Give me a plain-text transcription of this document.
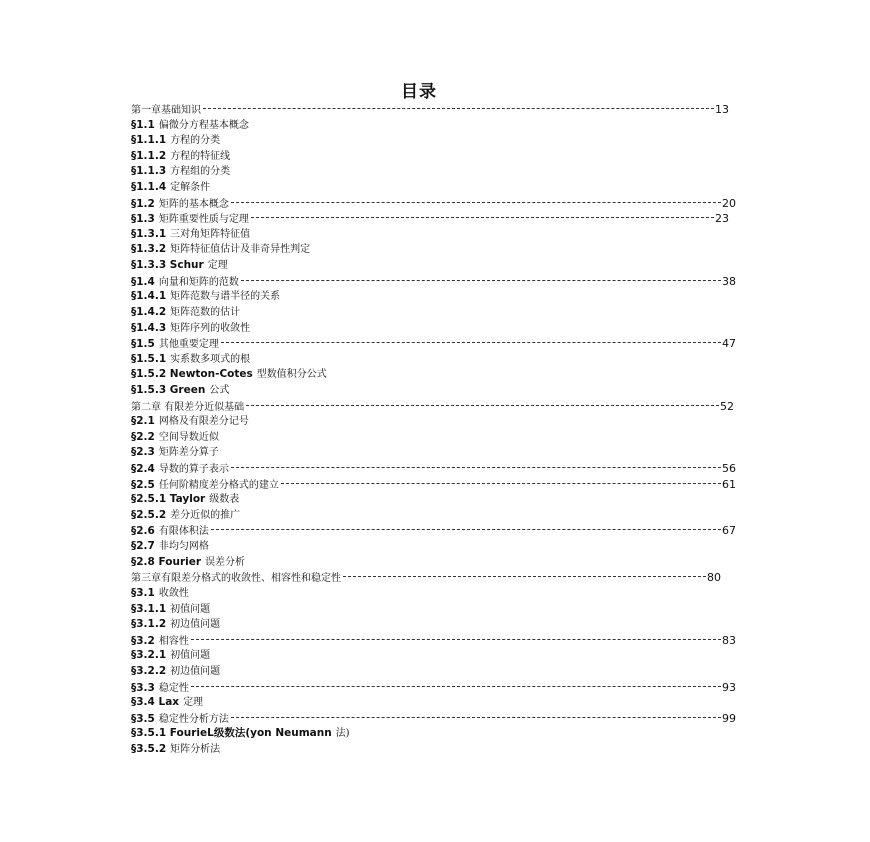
目录
第一章基础知识	13
§1.1 偏微分方程基本概念
§1.1.1 方程的分类
§1.1.2 方程的特征线
§1.1.3 方程组的分类
§1.1.4 定解条件
§1.2 矩阵的基本概念	20
§1.3 矩阵重要性质与定理	23
§1.3.1 三对角矩阵特征值
§1.3.2 矩阵特征值估计及非奇异性判定
§1.3.3 Schur 定理
§1.4 向量和矩阵的范数	38
§1.4.1 矩阵范数与谱半径的关系
§1.4.2 矩阵范数的估计
§1.4.3 矩阵序列的收敛性
§1.5 其他重要定理	47
§1.5.1 实系数多项式的根
§1.5.2 Newton-Cotes 型数值积分公式
§1.5.3 Green 公式
第二章 有限差分近似基础	52
§2.1 网格及有限差分记号
§2.2 空间导数近似
§2.3 矩阵差分算子
§2.4 导数的算子表示	56
§2.5 任何阶精度差分格式的建立	61
§2.5.1 Taylor 级数表
§2.5.2 差分近似的推广
§2.6 有限体积法	67
§2.7 非均匀网格
§2.8 Fourier 误差分析
第三章有限差分格式的收敛性、相容性和稳定性	80
§3.1 收敛性
§3.1.1 初值问题
§3.1.2 初边值问题
§3.2 相容性	83
§3.2.1 初值问题
§3.2.2 初边值问题
§3.3 稳定性	93
§3.4 Lax 定理
§3.5 稳定性分析方法	99
§3.5.1 FourieL级数法(yon Neumann 法)
§3.5.2 矩阵分析法
